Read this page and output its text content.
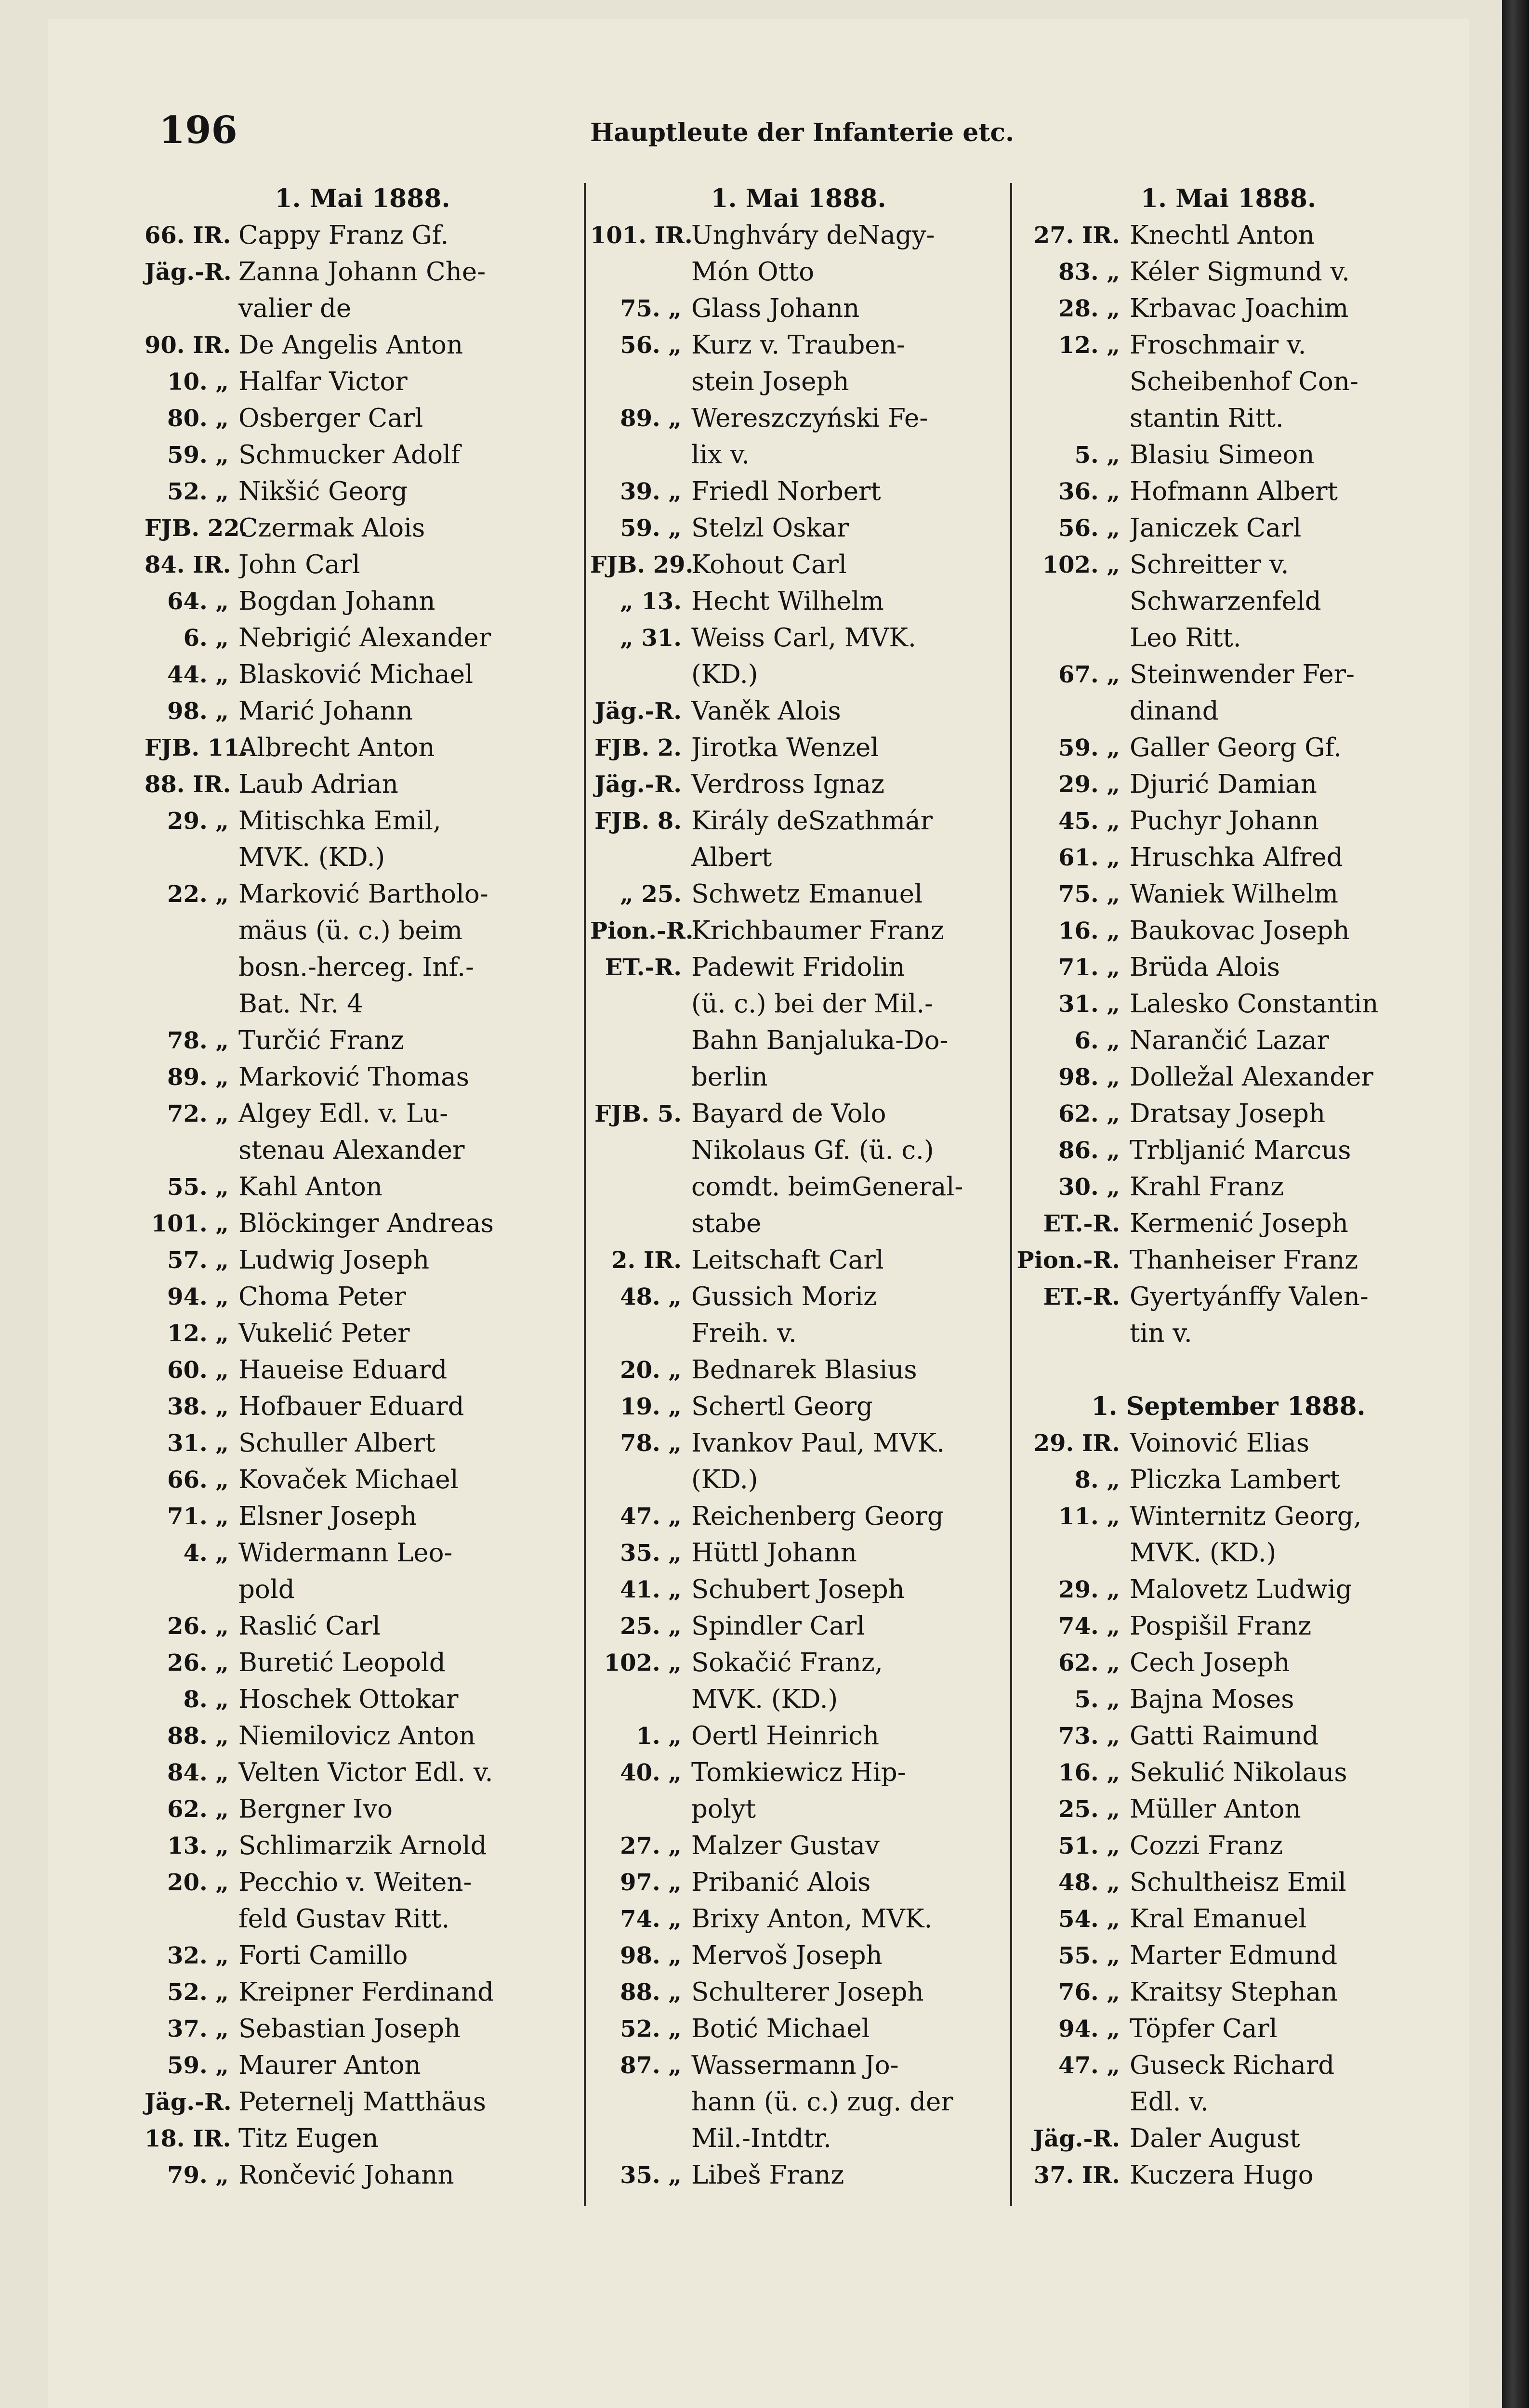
196	Hauptleute der Infanterie etc.
1. Mai 1888.
66. IR. Cappy Franz Gf.
Jäg.-R. Zanna Johann Che-
valier de
90. IR. De Angelis Anton
10. „ Halfar Victor
80. „ Osberger Carl
59. „ Schmucker Adolf
52. „ Nikšić Georg
FJB. 22.
Czermak Alois
84. IR. John Carl
64. „ Bogdan Johann
6. „ Nebrigić Alexander
44. „ Blasković Michael
98. „ Marić Johann
FJB. 11.
Albrecht Anton
88. IR. Laub Adrian
29. „ Mitischka Emil,
MVK. (KD.)
22. „ Marković Bartholo-
mäus (ü. c.) beim
bosn.-herceg. Inf.-
Bat. Nr. 4
78. „ Turčić Franz
89. „ Marković Thomas
72. „ Algey Edl. v. Lu-
stenau Alexander
55. „ Kahl Anton
101. „ Blöckinger Andreas
57. „ Ludwig Joseph
94. „ Choma Peter
12. „ Vukelić Peter
60. „ Haueise Eduard
38. „ Hofbauer Eduard
31. „ Schuller Albert
66. „ Kovaček Michael
71. „ Elsner Joseph
4. „ Widermann Leo-
pold
26. „ Raslić Carl
26. „ Buretić Leopold
8. „ Hoschek Ottokar
88. „ Niemilovicz Anton
84. „ Velten Victor Edl. v.
62. „ Bergner Ivo
13. „ Schlimarzik Arnold
20. „ Pecchio v. Weiten-
feld Gustav Ritt.
32. „ Forti Camillo
52. „ Kreipner Ferdinand
37. „ Sebastian Joseph
59. „ Maurer Anton
Jäg.-R. Peternelj Matthäus
18. IR. Titz Eugen
79. „ Rončević Johann
1. Mai 1888.
101. IR.
Unghváry deNagy-
Món Otto
75. „ Glass Johann
56. „ Kurz v. Trauben-
stein Joseph
89. „ Wereszczyński Fe-
lix v.
39. „ Friedl Norbert
59. „ Stelzl Oskar
FJB. 29.
Kohout Carl
„ 13. Hecht Wilhelm
„ 31. Weiss Carl, MVK.
(KD.)
Jäg.-R. Vaněk Alois
FJB. 2. Jirotka Wenzel
Jäg.-R. Verdross Ignaz
FJB. 8. Király deSzathmár
Albert
„ 25. Schwetz Emanuel
Pion.-R.
Krichbaumer Franz
ET.-R. Padewit Fridolin
(ü. c.) bei der Mil.-
Bahn Banjaluka-Do-
berlin
FJB. 5. Bayard de Volo
Nikolaus Gf. (ü. c.)
comdt. beimGeneral-
stabe
2. IR. Leitschaft Carl
48. „ Gussich Moriz
Freih. v.
20. „ Bednarek Blasius
19. „ Schertl Georg
78. „ Ivankov Paul, MVK.
(KD.)
47. „ Reichenberg Georg
35. „ Hüttl Johann
41. „ Schubert Joseph
25. „ Spindler Carl
102. „ Sokačić Franz,
MVK. (KD.)
1. „ Oertl Heinrich
40. „ Tomkiewicz Hip-
polyt
27. „ Malzer Gustav
97. „ Pribanić Alois
74. „ Brixy Anton, MVK.
98. „ Mervoš Joseph
88. „ Schulterer Joseph
52. „ Botić Michael
87. „ Wassermann Jo-
hann (ü. c.) zug. der
Mil.-Intdtr.
35. „ Libeš Franz
1. Mai 1888.
27. IR. Knechtl Anton
83. „ Kéler Sigmund v.
28. „ Krbavac Joachim
12. „ Froschmair v.
Scheibenhof Con-
stantin Ritt.
5. „ Blasiu Simeon
36. „ Hofmann Albert
56. „ Janiczek Carl
102. „ Schreitter v.
Schwarzenfeld
Leo Ritt.
67. „ Steinwender Fer-
dinand
59. „ Galler Georg Gf.
29. „ Djurić Damian
45. „ Puchyr Johann
61. „ Hruschka Alfred
75. „ Waniek Wilhelm
16. „ Baukovac Joseph
71. „ Brüda Alois
31. „ Lalesko Constantin
6. „ Narančić Lazar
98. „ Dolležal Alexander
62. „ Dratsay Joseph
86. „ Trbljanić Marcus
30. „ Krahl Franz
ET.-R. Kermenić Joseph
Pion.-R. Thanheiser Franz
ET.-R. Gyertyánffy Valen-
tin v.
1. September 1888.
29. IR. Voinović Elias
8. „ Pliczka Lambert
11. „ Winternitz Georg,
MVK. (KD.)
29. „ Malovetz Ludwig
74. „ Pospišil Franz
62. „ Cech Joseph
5. „ Bajna Moses
73. „ Gatti Raimund
16. „ Sekulić Nikolaus
25. „ Müller Anton
51. „ Cozzi Franz
48. „ Schultheisz Emil
54. „ Kral Emanuel
55. „ Marter Edmund
76. „ Kraitsy Stephan
94. „ Töpfer Carl
47. „ Guseck Richard
Edl. v.
Jäg.-R. Daler August
37. IR. Kuczera Hugo
